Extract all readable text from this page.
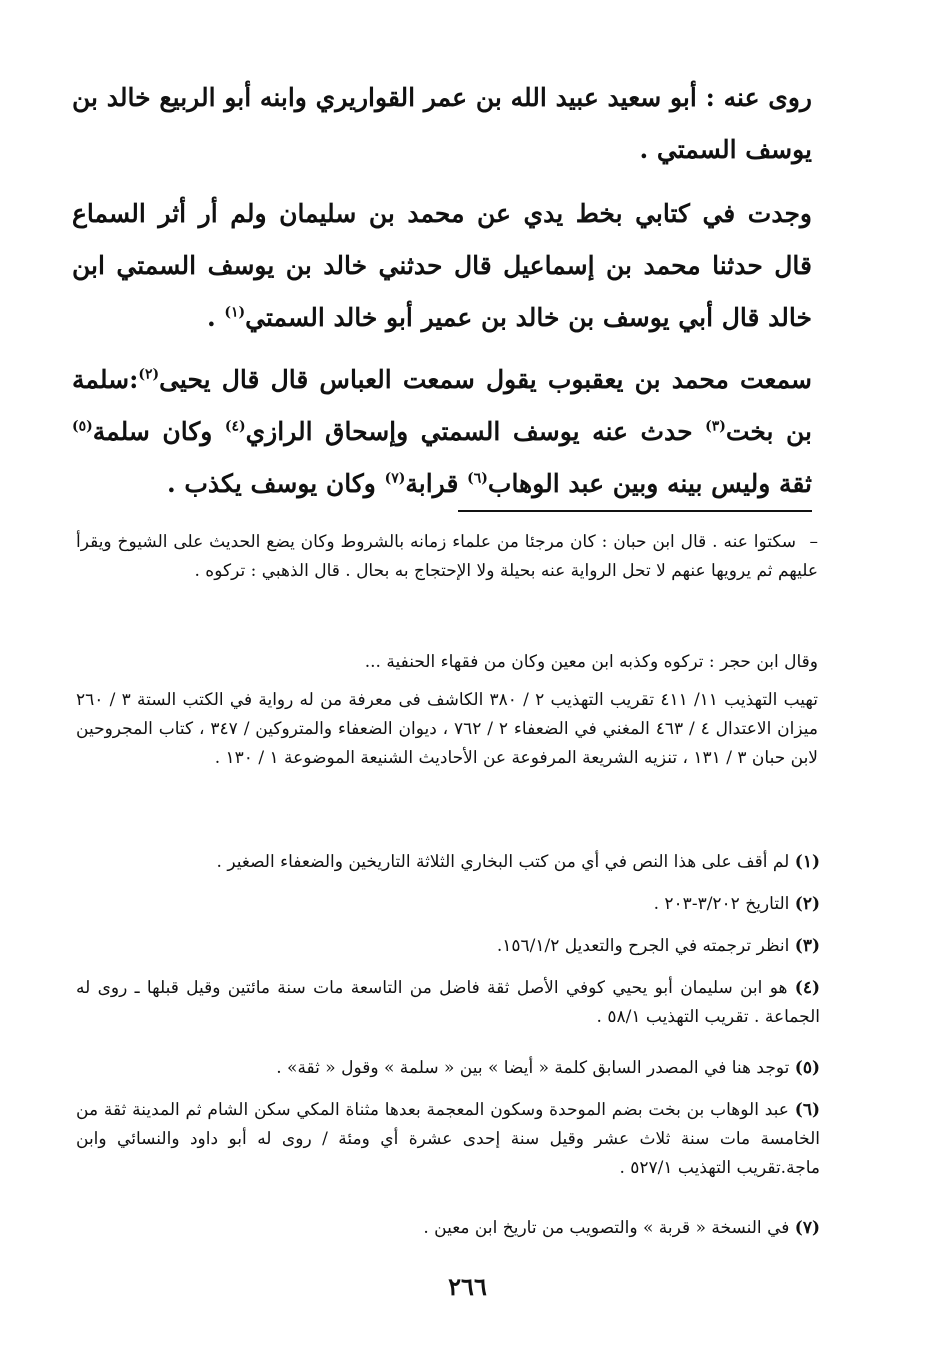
روى عنه : أبو سعيد عبيد الله بن عمر القواريري وابنه أبو الربيع خالد بن يوسف السمتي .

وجدت في كتابي بخط يدي عن محمد بن سليمان ولم أر أثر السماع قال حدثنا محمد بن إسماعيل قال حدثني خالد بن يوسف السمتي ابن خالد قال أبي يوسف بن خالد بن عمير أبو خالد السمتي$^{(١)}$ .

سمعت محمد بن يعقبوب يقول سمعت العباس قال قال يحيى$^{(٢)}$:سلمة بن بخت$^{(٣)}$ حدث عنه يوسف السمتي وإسحاق الرازي$^{(٤)}$ وكان سلمة$^{(٥)}$ ثقة وليس بينه وبين عبد الوهاب$^{(٦)}$ قرابة$^{(٧)}$ وكان يوسف يكذب .

–سكتوا عنه . قال ابن حبان : كان مرجئا من علماء زمانه بالشروط وكان يضع الحديث على الشيوخ ويقرأ عليهم ثم يرويها عنهم لا تحل الرواية عنه بحيلة ولا الإحتجاج به بحال . قال الذهبي : تركوه .

وقال ابن حجر : تركوه وكذبه ابن معين وكان من فقهاء الحنفية ...

تهيب التهذيب ١١/ ٤١١ تقريب التهذيب ٢ / ٣٨٠ الكاشف فى معرفة من له رواية في الكتب الستة ٣ / ٢٦٠ ميزان الاعتدال ٤ / ٤٦٣ المغني في الضعفاء ٢ / ٧٦٢ ، ديوان الضعفاء والمتروكين / ٣٤٧ ، كتاب المجروحين لابن حبان ٣ / ١٣١ ، تنزيه الشريعة المرفوعة عن الأحاديث الشنيعة الموضوعة ١ / ١٣٠ .

(١) لم أقف على هذا النص في أي من كتب البخاري الثلاثة التاريخين والضعفاء الصغير .

(٢) التاريخ ٣/٢٠٢-٢٠٣ .

(٣) انظر ترجمته في الجرح والتعديل ١٥٦/١/٢.

(٤) هو ابن سليمان أبو يحيي كوفي الأصل ثقة فاضل من التاسعة مات سنة مائتين وقيل قبلها ـ روى له الجماعة . تقريب التهذيب ٥٨/١ .

(٥) توجد هنا في المصدر السابق كلمة « أيضا » بين « سلمة » وقول « ثقة» .

(٦) عبد الوهاب بن بخت بضم الموحدة وسكون المعجمة بعدها مثناة المكي سكن الشام ثم المدينة ثقة من الخامسة مات سنة ثلاث عشر وقيل سنة إحدى عشرة أي ومئة / روى له أبو داود والنسائي وابن ماجة.تقريب التهذيب ٥٢٧/١ .

(٧) في النسخة « قربة » والتصويب من تاريخ ابن معين .

٢٦٦
